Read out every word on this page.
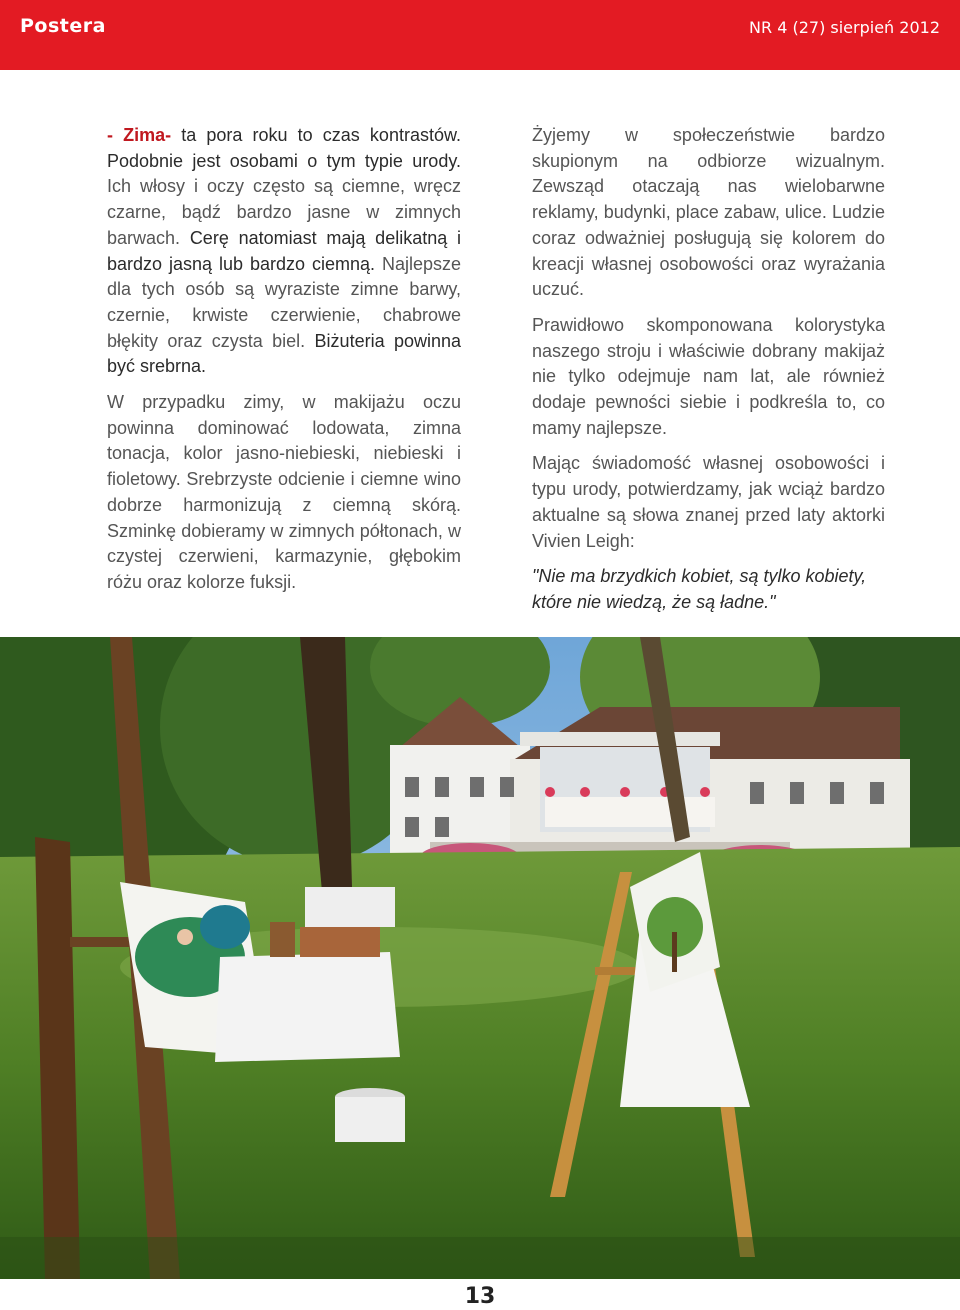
Postera	NR 4 (27) sierpień 2012

- Zima- ta pora roku to czas kontrastów. Podobnie jest osobami o tym typie urody. Ich włosy i oczy często są ciemne, wręcz czarne, bądź bardzo jasne w zimnych barwach. Cerę natomiast mają delikatną i bardzo jasną lub bardzo ciemną. Najlepsze dla tych osób są wyraziste zimne barwy, czernie, krwiste czerwienie, chabrowe błękity oraz czysta biel. Biżuteria powinna być srebrna.

W przypadku zimy, w makijażu oczu powinna dominować lodowata, zimna tonacja, kolor jasno-niebieski, niebieski i fioletowy. Srebrzyste odcienie i ciemne wino dobrze harmonizują z ciemną skórą. Szminkę dobieramy w zimnych półtonach, w czystej czerwieni, karmazynie, głębokim różu oraz kolorze fuksji.

Żyjemy w społeczeństwie bardzo skupionym na odbiorze wizualnym. Zewsząd otaczają nas wielobarwne reklamy, budynki, place zabaw, ulice. Ludzie coraz odważniej posługują się kolorem do kreacji własnej osobowości oraz wyrażania uczuć.

Prawidłowo skomponowana kolorystyka naszego stroju i właściwie dobrany makijaż nie tylko odejmuje nam lat, ale również dodaje pewności siebie i podkreśla to, co mamy najlepsze.

Mając świadomość własnej osobowości i typu urody, potwierdzamy, jak wciąż bardzo aktualne są słowa znanej przed laty aktorki Vivien Leigh:

"Nie ma brzydkich kobiet, są tylko kobiety, które nie wiedzą, że są ładne."

13
